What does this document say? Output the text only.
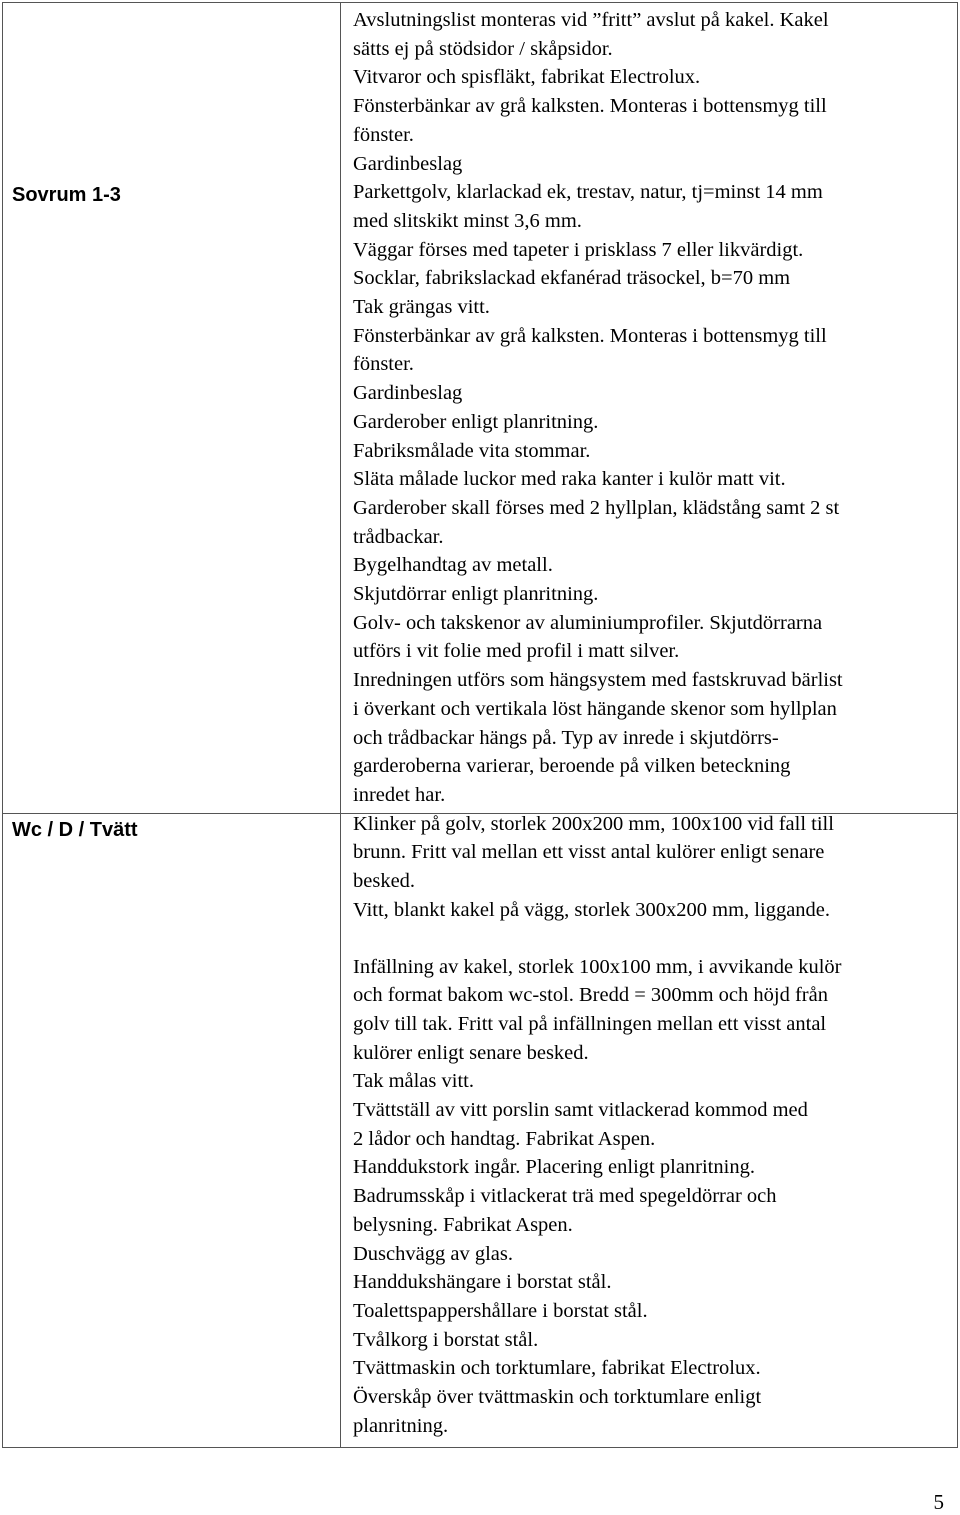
Sovrum 1-3
Wc / D / Tvätt

Avslutningslist monteras vid ”fritt” avslut på kakel. Kakel

sätts ej på stödsidor / skåpsidor.

Vitvaror och spisfläkt, fabrikat Electrolux.

Fönsterbänkar av grå kalksten. Monteras i bottensmyg till

fönster.

Gardinbeslag

Parkettgolv, klarlackad ek, trestav, natur, tj=minst 14 mm

med slitskikt minst 3,6 mm.

Väggar förses med tapeter i prisklass 7 eller likvärdigt.

Socklar, fabrikslackad ekfanérad träsockel, b=70 mm

Tak grängas vitt.

Fönsterbänkar av grå kalksten. Monteras i bottensmyg till

fönster.

Gardinbeslag

Garderober enligt planritning.

Fabriksmålade vita stommar.

Släta målade luckor med raka kanter i kulör matt vit.

Garderober skall förses med 2 hyllplan, klädstång samt 2 st

trådbackar.

Bygelhandtag av metall.

Skjutdörrar enligt planritning.

Golv- och takskenor av aluminiumprofiler. Skjutdörrarna

utförs i vit folie med profil i matt silver.

Inredningen utförs som hängsystem med fastskruvad bärlist

i överkant och vertikala löst hängande skenor som hyllplan

och trådbackar hängs på. Typ av inrede i skjutdörrs-

garderoberna varierar, beroende på vilken beteckning

inredet har.

Klinker på golv, storlek 200x200 mm, 100x100 vid fall till

brunn. Fritt val mellan ett visst antal kulörer enligt senare

besked.

Vitt, blankt kakel på vägg, storlek 300x200 mm, liggande.

Infällning av kakel, storlek 100x100 mm, i avvikande kulör

och format bakom wc-stol. Bredd = 300mm och höjd från

golv till tak. Fritt val på infällningen mellan ett visst antal

kulörer enligt senare besked.

Tak målas vitt.

Tvättställ av vitt porslin samt vitlackerad kommod med

2 lådor och handtag. Fabrikat Aspen.

Handdukstork ingår. Placering enligt planritning.

Badrumsskåp i vitlackerat trä med spegeldörrar och

belysning. Fabrikat Aspen.

Duschvägg av glas.

Handdukshängare i borstat stål.

Toalettspappershållare i borstat stål.

Tvålkorg i borstat stål.

Tvättmaskin och torktumlare, fabrikat Electrolux.

Överskåp över tvättmaskin och torktumlare enligt

planritning.

5
